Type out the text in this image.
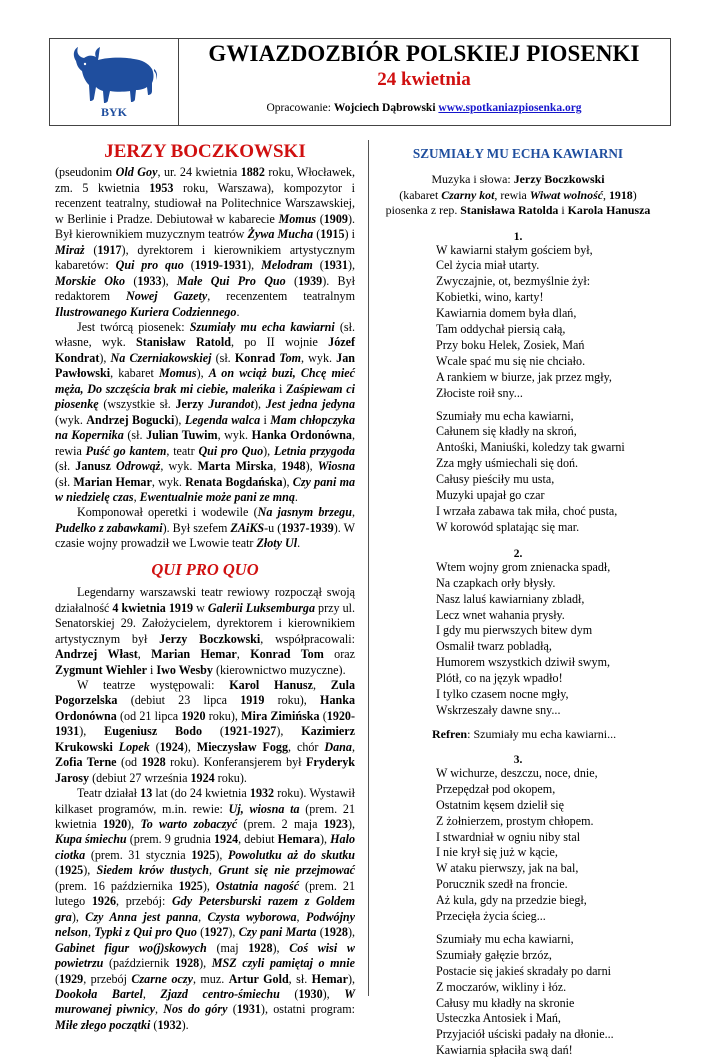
BYK
GWIAZDOZBIÓR POLSKIEJ PIOSENKI
24 kwietnia
Opracowanie: Wojciech Dąbrowski www.spotkaniazpiosenka.org
JERZY BOCZKOWSKI

(pseudonim Old Goy, ur. 24 kwietnia 1882 roku, Włocławek, zm. 5 kwietnia 1953 roku, Warszawa), kompozytor i recenzent teatralny, studiował na Politechnice Warszawskiej, w Berlinie i Pradze. Debiutował w kabarecie Momus (1909). Był kierownikiem muzycznym teatrów Żywa Mucha (1915) i Miraż (1917), dyrektorem i kierownikiem artystycznym kabaretów: Qui pro quo (1919-1931), Melodram (1931), Morskie Oko (1933), Małe Qui Pro Quo (1939). Był redaktorem Nowej Gazety, recenzentem teatralnym Ilustrowanego Kuriera Codziennego.

Jest twórcą piosenek: Szumiały mu echa kawiarni (sł. własne, wyk. Stanisław Ratold, po II wojnie Józef Kondrat), Na Czerniakowskiej (sł. Konrad Tom, wyk. Jan Pawłowski, kabaret Momus), A on wciąż buzi, Chcę mieć męża, Do szczęścia brak mi ciebie, maleńka i Zaśpiewam ci piosenkę (wszystkie sł. Jerzy Jurandot), Jest jedna jedyna (wyk. Andrzej Bogucki), Legenda walca i Mam chłopczyka na Kopernika (sł. Julian Tuwim, wyk. Hanka Ordonówna, rewia Puść go kantem, teatr Qui pro Quo), Letnia przygoda (sł. Janusz Odrowąż, wyk. Marta Mirska, 1948), Wiosna (sł. Marian Hemar, wyk. Renata Bogdańska), Czy pani ma w niedzielę czas, Ewentualnie może pani ze mną.

Komponował operetki i wodewile (Na jasnym brzegu, Pudelko z zabawkami). Był szefem ZAiKS-u (1937-1939). W czasie wojny prowadził we Lwowie teatr Złoty Ul.

QUI PRO QUO

Legendarny warszawski teatr rewiowy rozpoczął swoją działalność 4 kwietnia 1919 w Galerii Luksemburga przy ul. Senatorskiej 29. Założycielem, dyrektorem i kierownikiem artystycznym był Jerzy Boczkowski, współpracowali: Andrzej Włast, Marian Hemar, Konrad Tom oraz Zygmunt Wiehler i Iwo Wesby (kierownictwo muzyczne).

W teatrze występowali: Karol Hanusz, Zula Pogorzelska (debiut 23 lipca 1919 roku), Hanka Ordonówna (od 21 lipca 1920 roku), Mira Zimińska (1920-1931), Eugeniusz Bodo (1921-1927), Kazimierz Krukowski Lopek (1924), Mieczysław Fogg, chór Dana, Zofia Terne (od 1928 roku). Konferansjerem był Fryderyk Jarosy (debiut 27 września 1924 roku).

Teatr działał 13 lat (do 24 kwietnia 1932 roku). Wystawił kilkaset programów, m.in. rewie: Uj, wiosna ta (prem. 21 kwietnia 1920), To warto zobaczyć (prem. 2 maja 1923), Kupa śmiechu (prem. 9 grudnia 1924, debiut Hemara), Halo ciotka (prem. 31 stycznia 1925), Powolutku aż do skutku (1925), Siedem krów tłustych, Grunt się nie przejmować (prem. 16 października 1925), Ostatnia nagość (prem. 21 lutego 1926, przebój: Gdy Petersburski razem z Goldem gra), Czy Anna jest panna, Czysta wyborowa, Podwójny nelson, Typki z Qui pro Quo (1927), Czy pani Marta (1928), Gabinet figur wo(j)skowych (maj 1928), Coś wisi w powietrzu (październik 1928), MSZ czyli pamiętaj o mnie (1929, przebój Czarne oczy, muz. Artur Gold, sł. Hemar), Dookoła Bartel, Zjazd centro-śmiechu (1930), W murowanej piwnicy, Nos do góry (1931), ostatni program: Miłe złego początki (1932).

SZUMIAŁY MU ECHA KAWIARNI
Muzyka i słowa: Jerzy Boczkowski
(kabaret Czarny kot, rewia Wiwat wolność, 1918)
piosenka z rep. Stanisława Ratolda i Karola Hanusza
1.
W kawiarni stałym gościem był,
Cel życia miał utarty.
Zwyczajnie, ot, bezmyślnie żył:
Kobietki, wino, karty!
Kawiarnia domem była dlań,
Tam oddychał piersią całą,
Przy boku Helek, Zosiek, Mań
Wcale spać mu się nie chciało.
A rankiem w biurze, jak przez mgły,
Złociste roił sny...
Szumiały mu echa kawiarni,
Całunem się kładły na skroń,
Antośki, Maniuśki, koledzy tak gwarni
Zza mgły uśmiechali się doń.
Całusy pieściły mu usta,
Muzyki upajał go czar
I wrzała zabawa tak miła, choć pusta,
W korowód splatając się mar.
2.
Wtem wojny grom znienacka spadł,
Na czapkach orły błysły.
Nasz laluś kawiarniany zbladł,
Lecz wnet wahania prysły.
I gdy mu pierwszych bitew dym
Osmalił twarz pobladłą,
Humorem wszystkich dziwił swym,
Plótł, co na język wpadło!
I tylko czasem nocne mgły,
Wskrzeszały dawne sny...
Refren: Szumiały mu echa kawiarni...
3.
W wichurze, deszczu, noce, dnie,
Przepędzał pod okopem,
Ostatnim kęsem dzielił się
Z żołnierzem, prostym chłopem.
I stwardniał w ogniu niby stal
I nie krył się już w kącie,
W ataku pierwszy, jak na bal,
Porucznik szedł na froncie.
Aż kula, gdy na przedzie biegł,
Przecięła życia ścieg...
Szumiały mu echa kawiarni,
Szumiały gałęzie brzóz,
Postacie się jakieś skradały po darni
Z moczarów, wikliny i łóz.
Całusy mu kładły na skronie
Usteczka Antosiek i Mań,
Przyjaciół uściski padały na dłonie...
Kawiarnia spłaciła swą dań!
